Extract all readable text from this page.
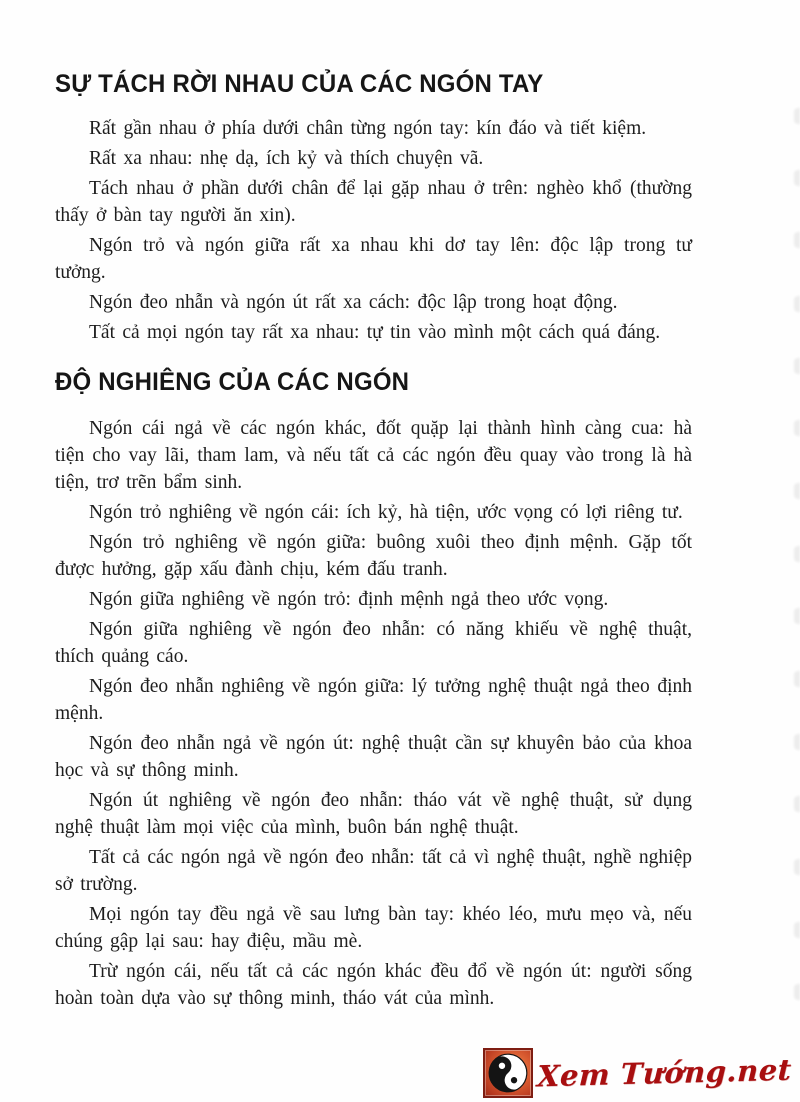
SỰ TÁCH RỜI NHAU CỦA CÁC NGÓN TAY

Rất gần nhau ở phía dưới chân từng ngón tay: kín đáo và tiết kiệm.

Rất xa nhau: nhẹ dạ, ích kỷ và thích chuyện vã.

Tách nhau ở phần dưới chân để lại gặp nhau ở trên: nghèo khổ (thường thấy ở bàn tay người ăn xin).

Ngón trỏ và ngón giữa rất xa nhau khi dơ tay lên: độc lập trong tư tưởng.

Ngón đeo nhẫn và ngón út rất xa cách: độc lập trong hoạt động.

Tất cả mọi ngón tay rất xa nhau: tự tin vào mình một cách quá đáng.

ĐỘ NGHIÊNG CỦA CÁC NGÓN

Ngón cái ngả về các ngón khác, đốt quặp lại thành hình càng cua: hà tiện cho vay lãi, tham lam, và nếu tất cả các ngón đều quay vào trong là hà tiện, trơ trẽn bẩm sinh.

Ngón trỏ nghiêng về ngón cái: ích kỷ, hà tiện, ước vọng có lợi riêng tư.

Ngón trỏ nghiêng về ngón giữa: buông xuôi theo định mệnh. Gặp tốt được hưởng, gặp xấu đành chịu, kém đấu tranh.

Ngón giữa nghiêng về ngón trỏ: định mệnh ngả theo ước vọng.

Ngón giữa nghiêng về ngón đeo nhẫn: có năng khiếu về nghệ thuật, thích quảng cáo.

Ngón đeo nhẫn nghiêng về ngón giữa: lý tưởng nghệ thuật ngả theo định mệnh.

Ngón đeo nhẫn ngả về ngón út: nghệ thuật cần sự khuyên bảo của khoa học và sự thông minh.

Ngón út nghiêng về ngón đeo nhẫn: tháo vát về nghệ thuật, sử dụng nghệ thuật làm mọi việc của mình, buôn bán nghệ thuật.

Tất cả các ngón ngả về ngón đeo nhẫn: tất cả vì nghệ thuật, nghề nghiệp sở trường.

Mọi ngón tay đều ngả về sau lưng bàn tay: khéo léo, mưu mẹo và, nếu chúng gập lại sau: hay điệu, mầu mè.

Trừ ngón cái, nếu tất cả các ngón khác đều đổ về ngón út: người sống hoàn toàn dựa vào sự thông minh, tháo vát của mình.

Xem Tướng.net
